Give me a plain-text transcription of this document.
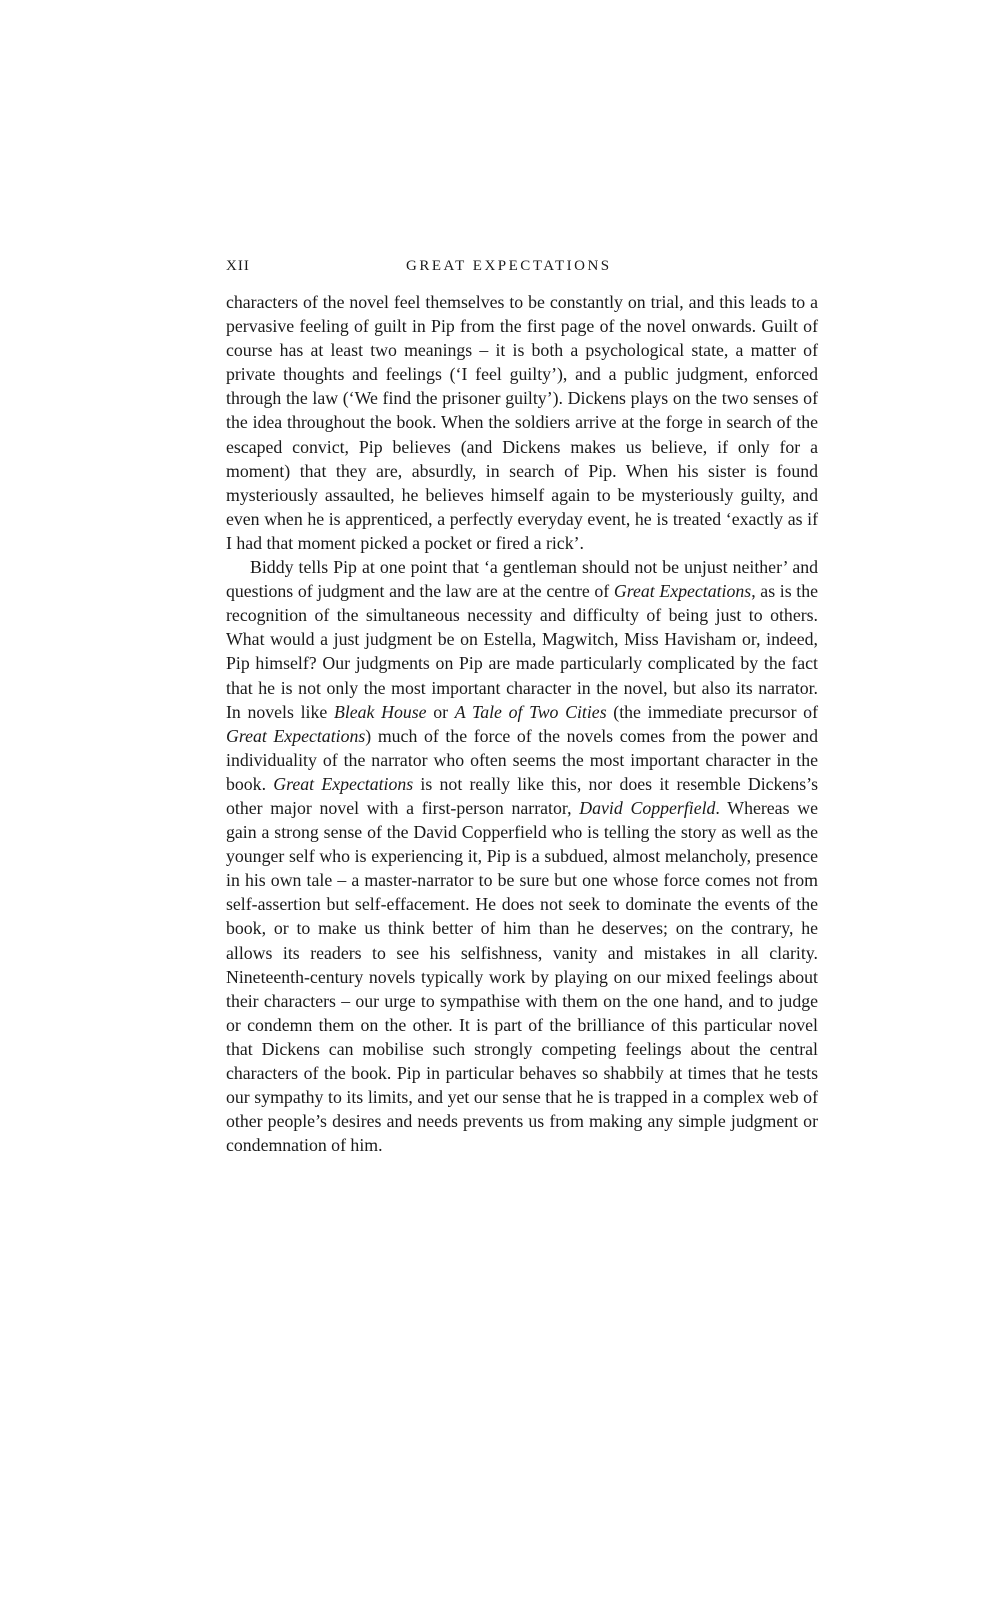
XII	GREAT EXPECTATIONS

characters of the novel feel themselves to be constantly on trial, and this leads to a pervasive feeling of guilt in Pip from the first page of the novel onwards. Guilt of course has at least two meanings – it is both a psychological state, a matter of private thoughts and feelings (‘I feel guilty’), and a public judgment, enforced through the law (‘We find the prisoner guilty’). Dickens plays on the two senses of the idea throughout the book. When the soldiers arrive at the forge in search of the escaped convict, Pip believes (and Dickens makes us believe, if only for a moment) that they are, absurdly, in search of Pip. When his sister is found mysteriously assaulted, he believes himself again to be mysteriously guilty, and even when he is apprenticed, a perfectly everyday event, he is treated ‘exactly as if I had that moment picked a pocket or fired a rick’.

Biddy tells Pip at one point that ‘a gentleman should not be unjust neither’ and questions of judgment and the law are at the centre of Great Expectations, as is the recognition of the simultaneous necessity and difficulty of being just to others. What would a just judgment be on Estella, Magwitch, Miss Havisham or, indeed, Pip himself? Our judgments on Pip are made particularly complicated by the fact that he is not only the most important character in the novel, but also its narrator. In novels like Bleak House or A Tale of Two Cities (the immediate precursor of Great Expectations) much of the force of the novels comes from the power and individuality of the narrator who often seems the most important character in the book. Great Expectations is not really like this, nor does it resemble Dickens’s other major novel with a first-person narrator, David Copperfield. Whereas we gain a strong sense of the David Copperfield who is telling the story as well as the younger self who is experiencing it, Pip is a subdued, almost melancholy, presence in his own tale – a master-narrator to be sure but one whose force comes not from self-assertion but self-effacement. He does not seek to dominate the events of the book, or to make us think better of him than he deserves; on the contrary, he allows its readers to see his selfishness, vanity and mistakes in all clarity. Nineteenth-century novels typically work by playing on our mixed feelings about their characters – our urge to sympathise with them on the one hand, and to judge or condemn them on the other. It is part of the brilliance of this particular novel that Dickens can mobilise such strongly competing feelings about the central characters of the book. Pip in particular behaves so shabbily at times that he tests our sympathy to its limits, and yet our sense that he is trapped in a complex web of other people’s desires and needs prevents us from making any simple judgment or condemnation of him.
